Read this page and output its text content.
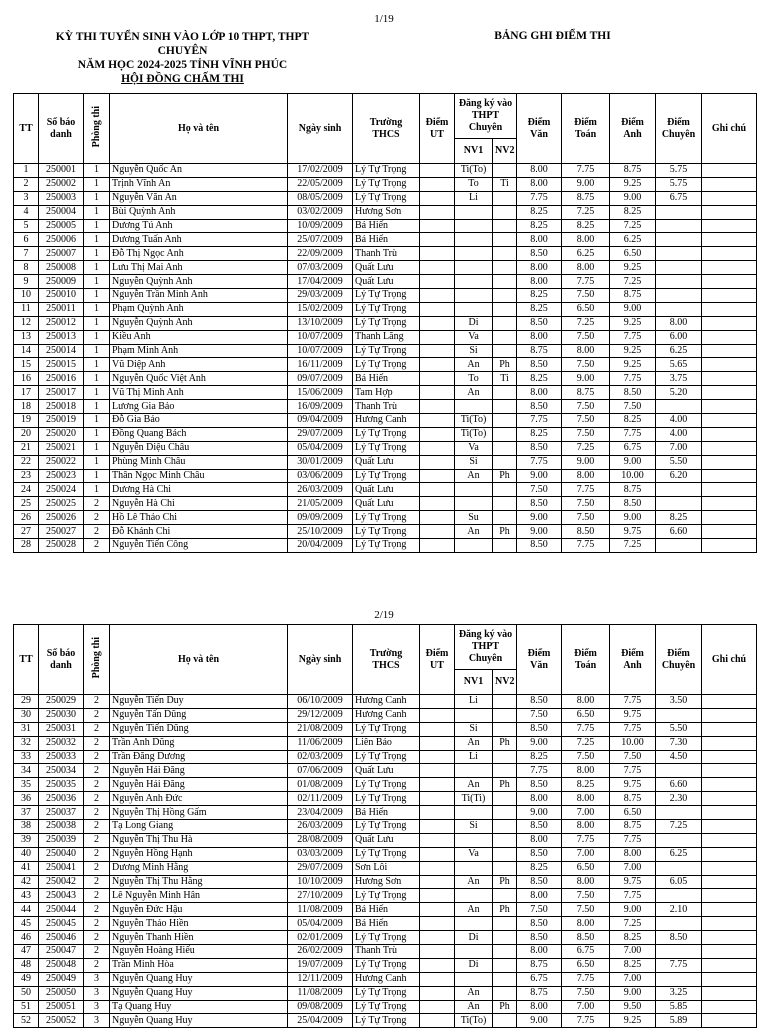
1/19
KỲ THI TUYỂN SINH VÀO LỚP 10 THPT, THPT CHUYÊN
NĂM HỌC 2024-2025 TỈNH VĨNH PHÚC
HỘI ĐỒNG CHẤM THI
BẢNG GHI ĐIỂM THI
TT	Số báo danh	Phòng thi	Họ và tên	Ngày sinh	Trường THCS	Điểm UT	Đăng ký vào THPT Chuyên		Điểm Văn	Điểm Toán	Điểm Anh	Điểm Chuyên	Ghi chú
							NV1	NV2					
1	250001	1	Nguyễn Quốc An	17/02/2009	Lý Tự Trọng		Ti(To)		8.00	7.75	8.75	5.75	
2	250002	1	Trịnh Vĩnh An	22/05/2009	Lý Tự Trọng		To	Ti	8.00	9.00	9.25	5.75	
3	250003	1	Nguyễn Văn An	08/05/2009	Lý Tự Trọng		Li		7.75	8.75	9.00	6.75	
4	250004	1	Bùi Quỳnh Anh	03/02/2009	Hương Sơn				8.25	7.25	8.25		
5	250005	1	Dương Tú Anh	10/09/2009	Bá Hiến				8.25	8.25	7.25		
6	250006	1	Dương Tuấn Anh	25/07/2009	Bá Hiến				8.00	8.00	6.25		
7	250007	1	Đỗ Thị Ngọc Anh	22/09/2009	Thanh Trù				8.50	6.25	6.50		
8	250008	1	Lưu Thị Mai Anh	07/03/2009	Quất Lưu				8.00	8.00	9.25		
9	250009	1	Nguyễn Quỳnh Anh	17/04/2009	Quất Lưu				8.00	7.75	7.25		
10	250010	1	Nguyễn Trần Minh Anh	29/03/2009	Lý Tự Trọng				8.25	7.50	8.75		
11	250011	1	Phạm Quỳnh Anh	15/02/2009	Lý Tự Trọng				8.25	6.50	9.00		
12	250012	1	Nguyễn Quỳnh Anh	13/10/2009	Lý Tự Trọng		Di		8.50	7.25	9.25	8.00	
13	250013	1	Kiều Anh	10/07/2009	Thanh Lãng		Va		8.00	7.50	7.75	6.00	
14	250014	1	Phạm Minh Anh	10/07/2009	Lý Tự Trọng		Si		8.75	8.00	9.25	6.25	
15	250015	1	Vũ Diệp Anh	16/11/2009	Lý Tự Trọng		An	Ph	8.50	7.50	9.25	5.65	
16	250016	1	Nguyễn Quốc Việt Anh	09/07/2009	Bá Hiến		To	Ti	8.25	9.00	7.75	3.75	
17	250017	1	Vũ Thị Minh Anh	15/06/2009	Tam Hợp		An		8.00	8.75	8.50	5.20	
18	250018	1	Lương Gia Bảo	16/09/2009	Thanh Trù				8.50	7.50	7.50		
19	250019	1	Đỗ Gia Bảo	09/04/2009	Hương Canh		Ti(To)		7.75	7.50	8.25	4.00	
20	250020	1	Đồng Quang Bách	29/07/2009	Lý Tự Trọng		Ti(To)		8.25	7.50	7.75	4.00	
21	250021	1	Nguyễn Diệu Châu	05/04/2009	Lý Tự Trọng		Va		8.50	7.25	6.75	7.00	
22	250022	1	Phùng Minh Châu	30/01/2009	Quất Lưu		Si		7.75	9.00	9.00	5.50	
23	250023	1	Thân Ngọc Minh Châu	03/06/2009	Lý Tự Trọng		An	Ph	9.00	8.00	10.00	6.20	
24	250024	1	Dương Hà Chi	26/03/2009	Quất Lưu				7.50	7.75	8.75		
25	250025	2	Nguyễn Hà Chi	21/05/2009	Quất Lưu				8.50	7.50	8.50		
26	250026	2	Hồ Lê Thảo Chi	09/09/2009	Lý Tự Trọng		Su		9.00	7.50	9.00	8.25	
27	250027	2	Đỗ Khánh Chi	25/10/2009	Lý Tự Trọng		An	Ph	9.00	8.50	9.75	6.60	
28	250028	2	Nguyễn Tiến Công	20/04/2009	Lý Tự Trọng				8.50	7.75	7.25		
2/19
TT	Số báo danh	Phòng thi	Họ và tên	Ngày sinh	Trường THCS	Điểm UT	Đăng ký vào THPT Chuyên		Điểm Văn	Điểm Toán	Điểm Anh	Điểm Chuyên	Ghi chú
							NV1	NV2					
29	250029	2	Nguyễn Tiến Duy	06/10/2009	Hương Canh		Li		8.50	8.00	7.75	3.50	
30	250030	2	Nguyễn Tấn Dũng	29/12/2009	Hương Canh				7.50	6.50	9.75		
31	250031	2	Nguyễn Tiến Dũng	21/08/2009	Lý Tự Trọng		Si		8.50	7.75	7.75	5.50	
32	250032	2	Trần Anh Dũng	11/06/2009	Liên Bảo		An	Ph	9.00	7.25	10.00	7.30	
33	250033	2	Trần Đăng Dương	02/03/2009	Lý Tự Trọng		Li		8.25	7.50	7.50	4.50	
34	250034	2	Nguyễn Hải Đăng	07/06/2009	Quất Lưu				7.75	8.00	7.75		
35	250035	2	Nguyễn Hải Đăng	01/08/2009	Lý Tự Trọng		An	Ph	8.50	8.25	9.75	6.60	
36	250036	2	Nguyễn Anh Đức	02/11/2009	Lý Tự Trọng		Ti(Ti)		8.00	8.00	8.75	2.30	
37	250037	2	Nguyễn Thị Hồng Gấm	23/04/2009	Bá Hiến				9.00	7.00	6.50		
38	250038	2	Tạ Long Giang	26/03/2009	Lý Tự Trọng		Si		8.50	8.00	8.75	7.25	
39	250039	2	Nguyễn Thị Thu Hà	28/08/2009	Quất Lưu				8.00	7.75	7.75		
40	250040	2	Nguyễn Hồng Hạnh	03/03/2009	Lý Tự Trọng		Va		8.50	7.00	8.00	6.25	
41	250041	2	Dương Minh Hằng	29/07/2009	Sơn Lôi				8.25	6.50	7.00		
42	250042	2	Nguyễn Thị Thu Hằng	10/10/2009	Hương Sơn		An	Ph	8.50	8.00	9.75	6.05	
43	250043	2	Lê Nguyễn Minh Hân	27/10/2009	Lý Tự Trọng				8.00	7.50	7.75		
44	250044	2	Nguyễn Đức Hậu	11/08/2009	Bá Hiến		An	Ph	7.50	7.50	9.00	2.10	
45	250045	2	Nguyễn Thảo Hiền	05/04/2009	Bá Hiến				8.50	8.00	7.25		
46	250046	2	Nguyễn Thanh Hiền	02/01/2009	Lý Tự Trọng		Di		8.50	8.50	8.25	8.50	
47	250047	2	Nguyễn Hoàng Hiếu	26/02/2009	Thanh Trù				8.00	6.75	7.00		
48	250048	2	Trần Minh Hòa	19/07/2009	Lý Tự Trọng		Di		8.75	6.50	8.25	7.75	
49	250049	3	Nguyễn Quang Huy	12/11/2009	Hương Canh				6.75	7.75	7.00		
50	250050	3	Nguyễn Quang Huy	11/08/2009	Lý Tự Trọng		An		8.75	7.50	9.00	3.25	
51	250051	3	Tạ Quang Huy	09/08/2009	Lý Tự Trọng		An	Ph	8.00	7.00	9.50	5.85	
52	250052	3	Nguyễn Quang Huy	25/04/2009	Lý Tự Trọng		Ti(To)		9.00	7.75	9.25	5.89	
